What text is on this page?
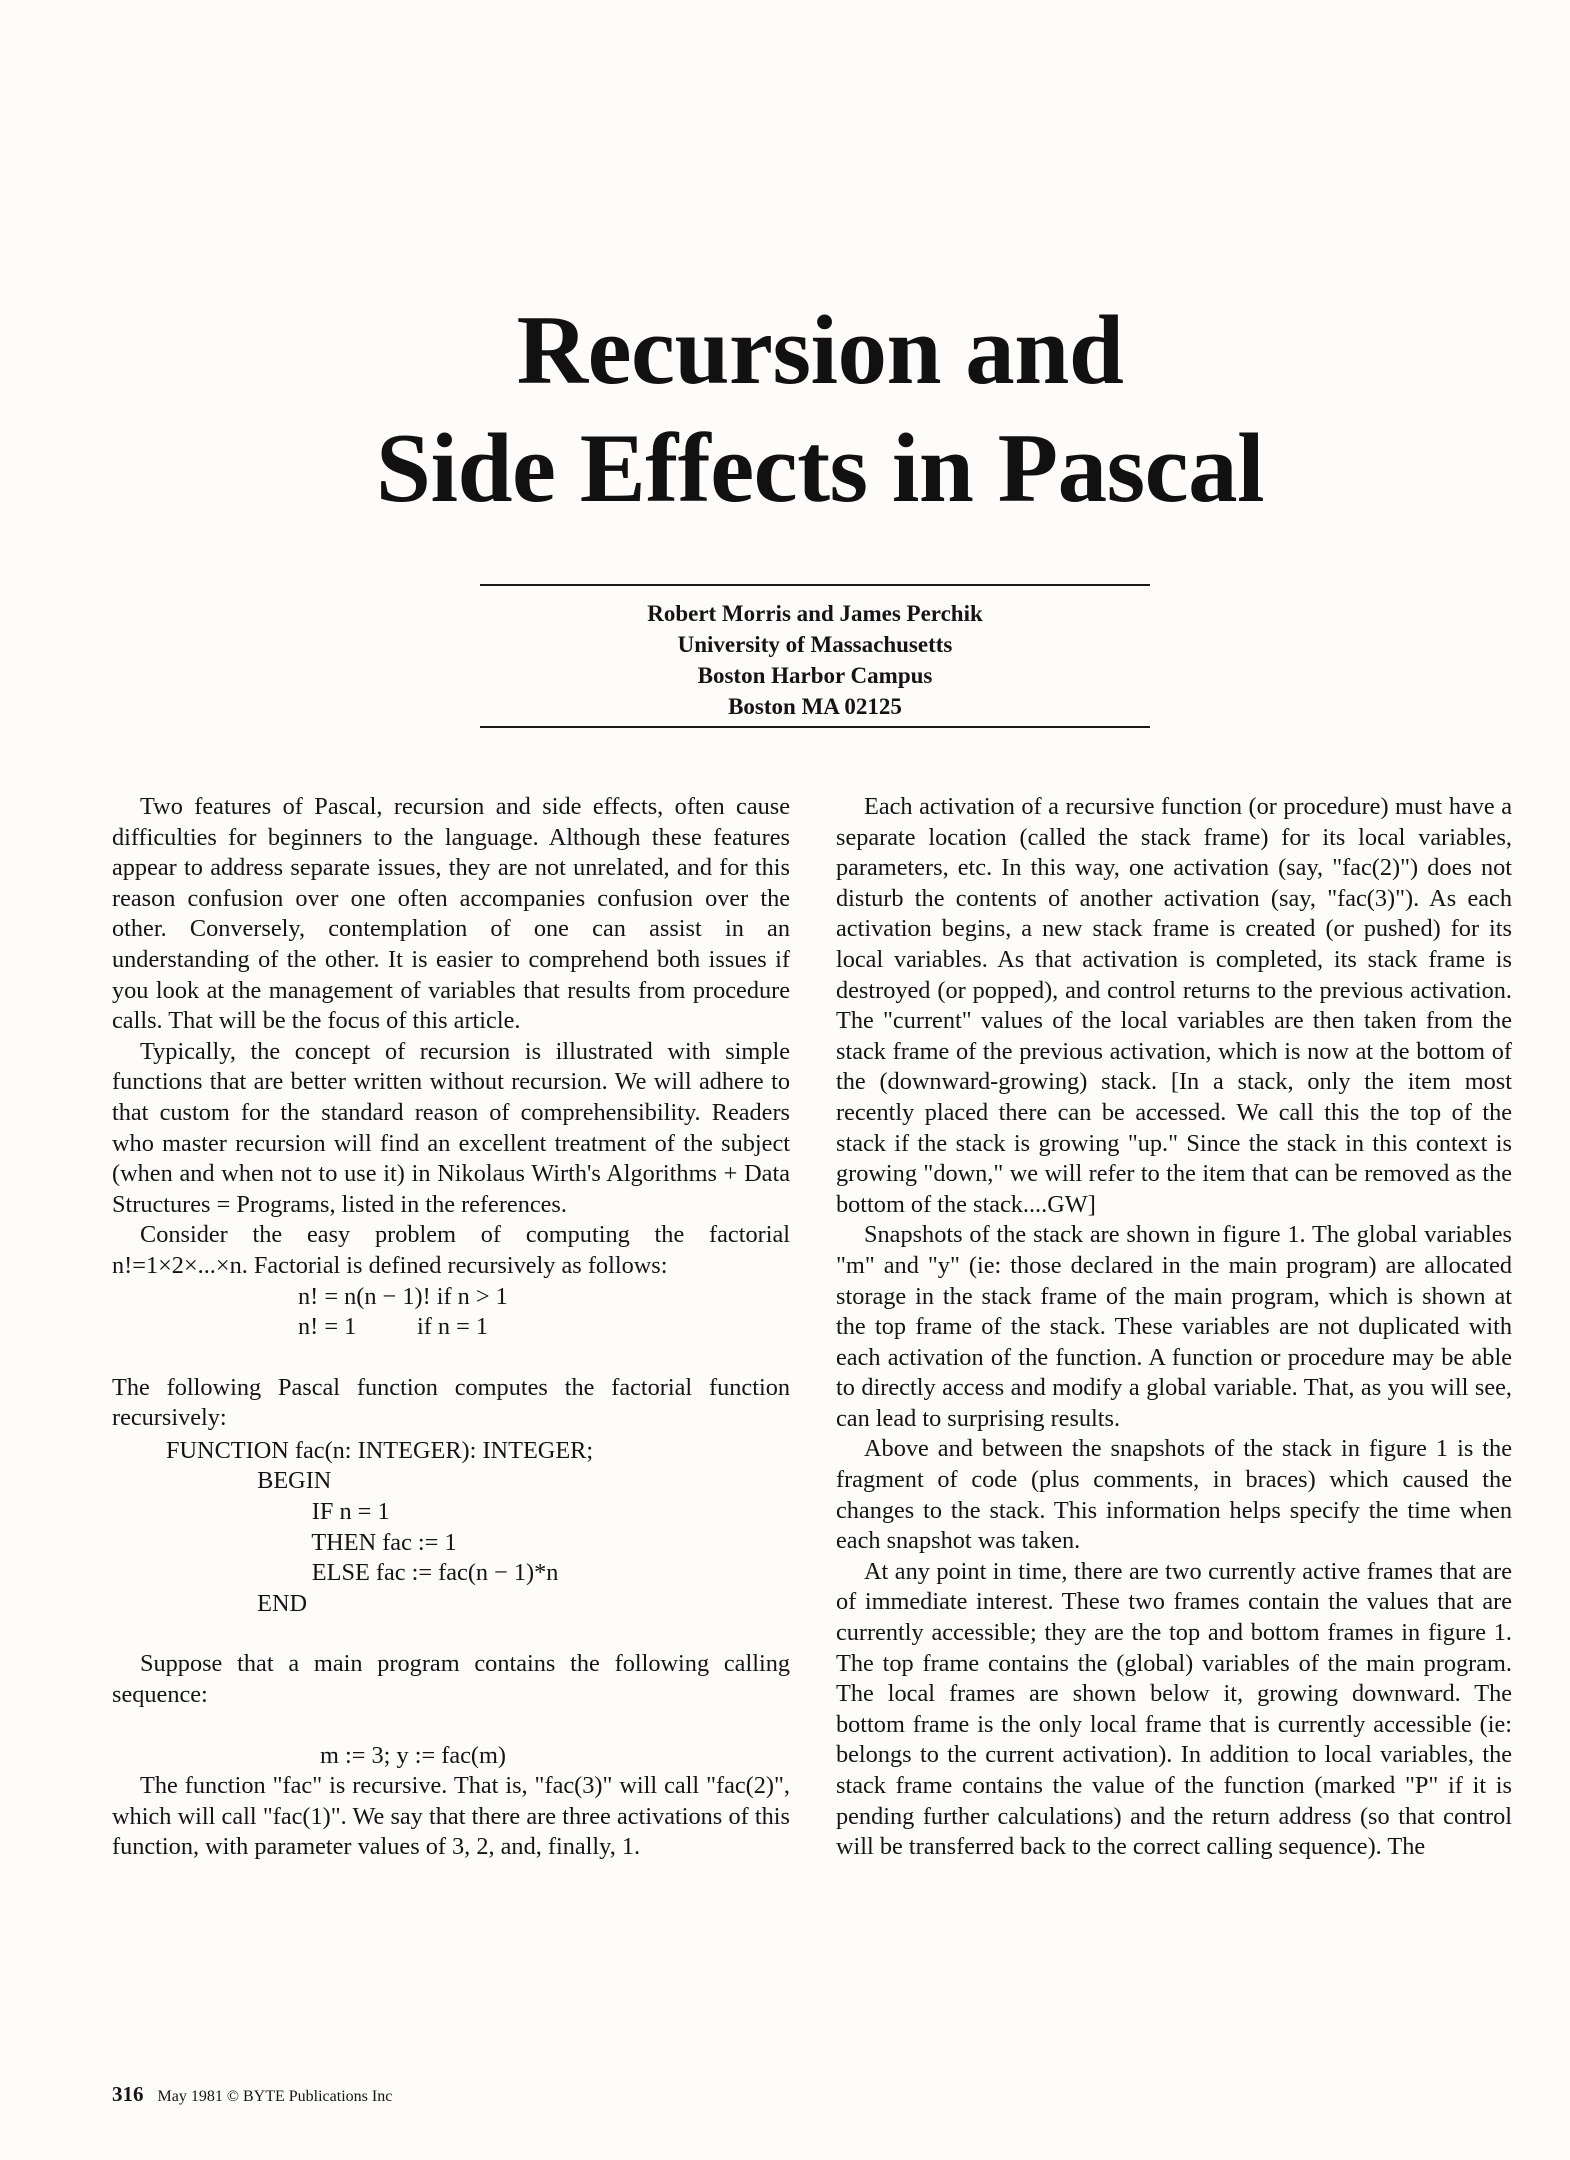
Recursion and
Side Effects in Pascal
Robert Morris and James Perchik
University of Massachusetts
Boston Harbor Campus
Boston MA 02125

Two features of Pascal, recursion and side effects, often cause difficulties for beginners to the language. Although these features appear to address separate issues, they are not unrelated, and for this reason confusion over one often accompanies confusion over the other. Conversely, contemplation of one can assist in an understanding of the other. It is easier to comprehend both issues if you look at the management of variables that results from procedure calls. That will be the focus of this article.

Typically, the concept of recursion is illustrated with simple functions that are better written without recursion. We will adhere to that custom for the standard reason of comprehensibility. Readers who master recursion will find an excellent treatment of the subject (when and when not to use it) in Nikolaus Wirth's Algorithms + Data Structures = Programs, listed in the references.

Consider the easy problem of computing the factorial n!=1×2×...×n. Factorial is defined recursively as follows:

n! = n(n − 1)! if n > 1
n! = 1          if n = 1

The following Pascal function computes the factorial function recursively:

FUNCTION fac(n: INTEGER): INTEGER;
BEGIN
IF n = 1
THEN fac := 1
ELSE fac := fac(n − 1)*n
END

Suppose that a main program contains the following calling sequence:

m := 3; y := fac(m)

The function "fac" is recursive. That is, "fac(3)" will call "fac(2)", which will call "fac(1)". We say that there are three activations of this function, with parameter values of 3, 2, and, finally, 1.

Each activation of a recursive function (or procedure) must have a separate location (called the stack frame) for its local variables, parameters, etc. In this way, one activation (say, "fac(2)") does not disturb the contents of another activation (say, "fac(3)"). As each activation begins, a new stack frame is created (or pushed) for its local variables. As that activation is completed, its stack frame is destroyed (or popped), and control returns to the previous activation. The "current" values of the local variables are then taken from the stack frame of the previous activation, which is now at the bottom of the (downward-growing) stack. [In a stack, only the item most recently placed there can be accessed. We call this the top of the stack if the stack is growing "up." Since the stack in this context is growing "down," we will refer to the item that can be removed as the bottom of the stack....GW]

Snapshots of the stack are shown in figure 1. The global variables "m" and "y" (ie: those declared in the main program) are allocated storage in the stack frame of the main program, which is shown at the top frame of the stack. These variables are not duplicated with each activation of the function. A function or procedure may be able to directly access and modify a global variable. That, as you will see, can lead to surprising results.

Above and between the snapshots of the stack in figure 1 is the fragment of code (plus comments, in braces) which caused the changes to the stack. This information helps specify the time when each snapshot was taken.

At any point in time, there are two currently active frames that are of immediate interest. These two frames contain the values that are currently accessible; they are the top and bottom frames in figure 1. The top frame contains the (global) variables of the main program. The local frames are shown below it, growing downward. The bottom frame is the only local frame that is currently accessible (ie: belongs to the current activation). In addition to local variables, the stack frame contains the value of the function (marked "P" if it is pending further calculations) and the return address (so that control will be transferred back to the correct calling sequence). The

316 May 1981 © BYTE Publications Inc
